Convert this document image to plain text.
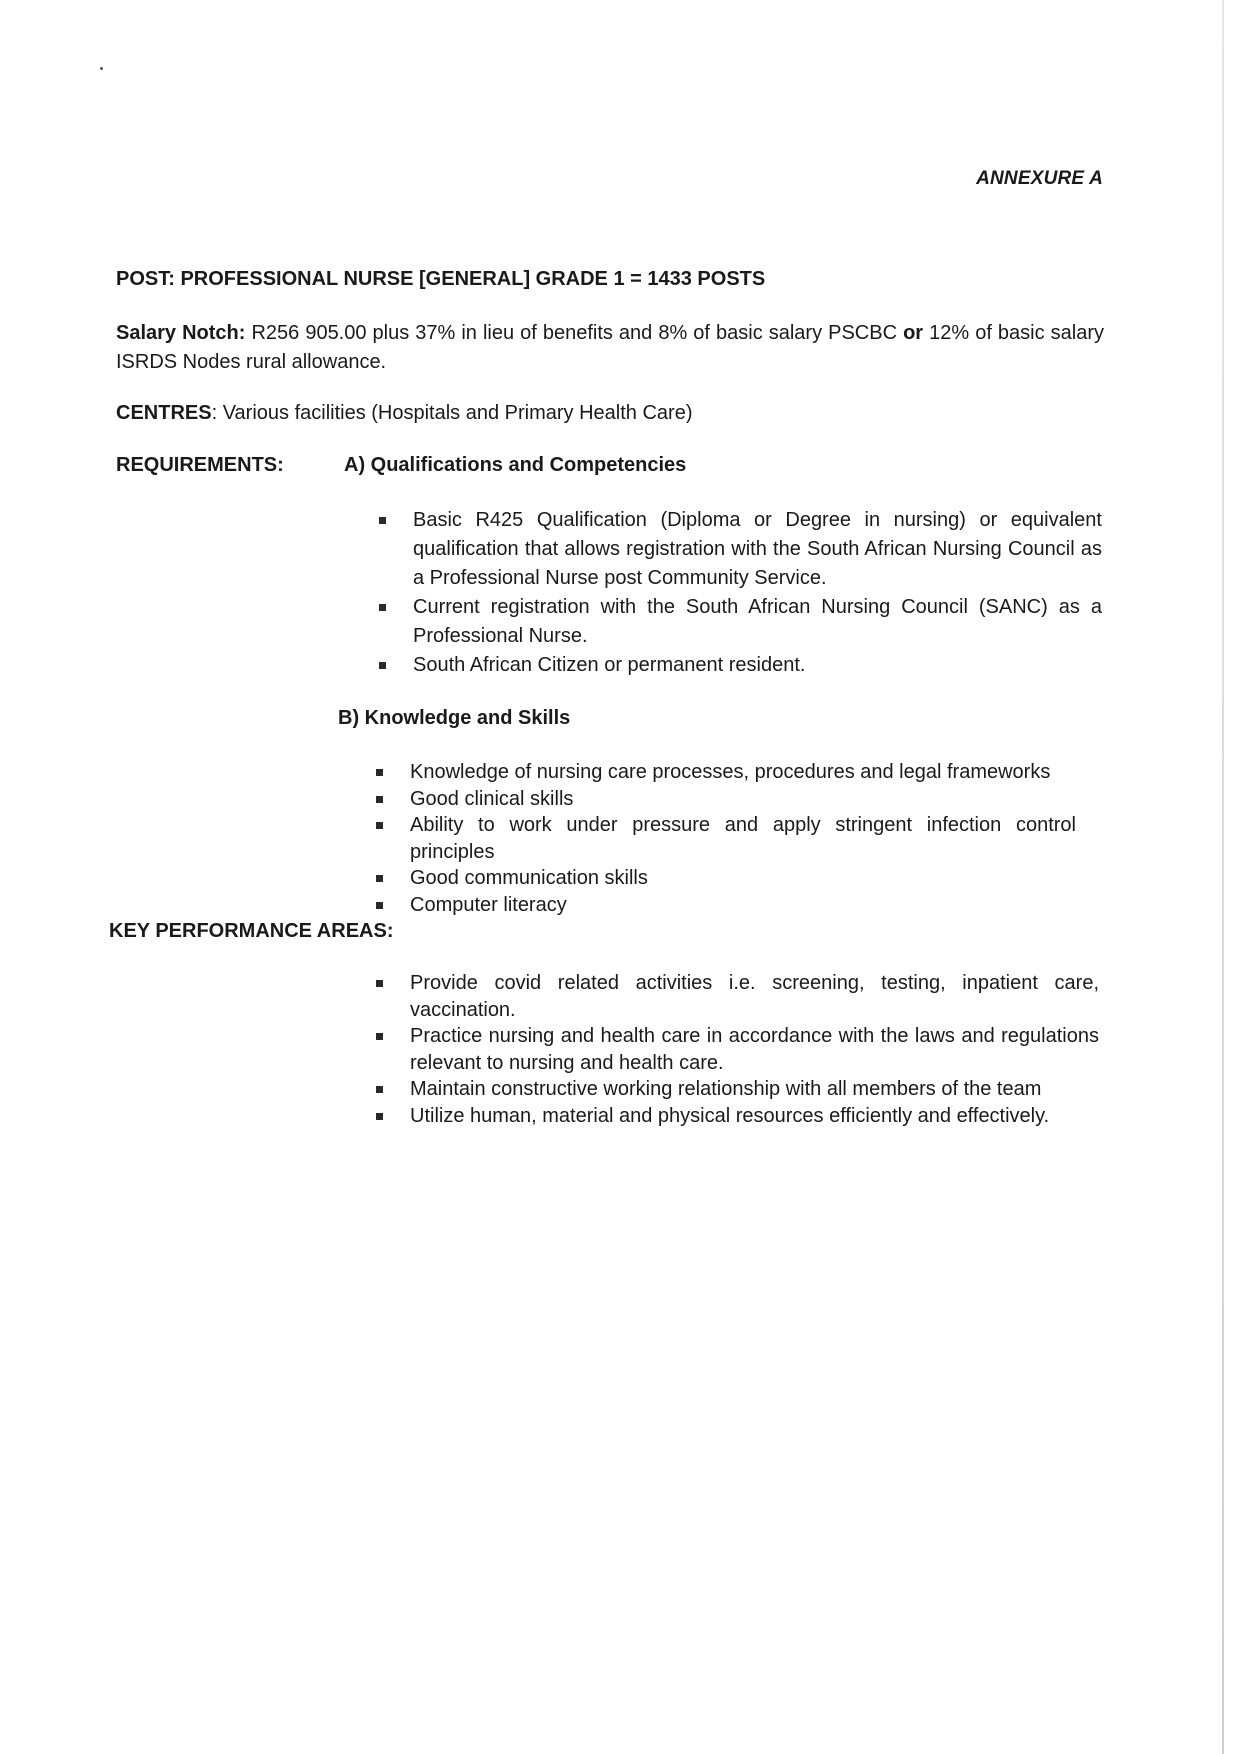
ANNEXURE A
POST: PROFESSIONAL NURSE [GENERAL] GRADE 1 = 1433 POSTS
Salary Notch: R256 905.00 plus 37% in lieu of benefits and 8% of basic salary PSCBC or 12% of basic salary ISRDS Nodes rural allowance.
CENTRES: Various facilities (Hospitals and Primary Health Care)
REQUIREMENTS:	A) Qualifications and Competencies
Basic R425 Qualification (Diploma or Degree in nursing) or equivalent qualification that allows registration with the South African Nursing Council as a Professional Nurse post Community Service.
Current registration with the South African Nursing Council (SANC) as a Professional Nurse.
South African Citizen or permanent resident.
B) Knowledge and Skills
Knowledge of nursing care processes, procedures and legal frameworks
Good clinical skills
Ability to work under pressure and apply stringent infection control principles
Good communication skills
Computer literacy
KEY PERFORMANCE AREAS:
Provide covid related activities i.e. screening, testing, inpatient care, vaccination.
Practice nursing and health care in accordance with the laws and regulations relevant to nursing and health care.
Maintain constructive working relationship with all members of the team
Utilize human, material and physical resources efficiently and effectively.
